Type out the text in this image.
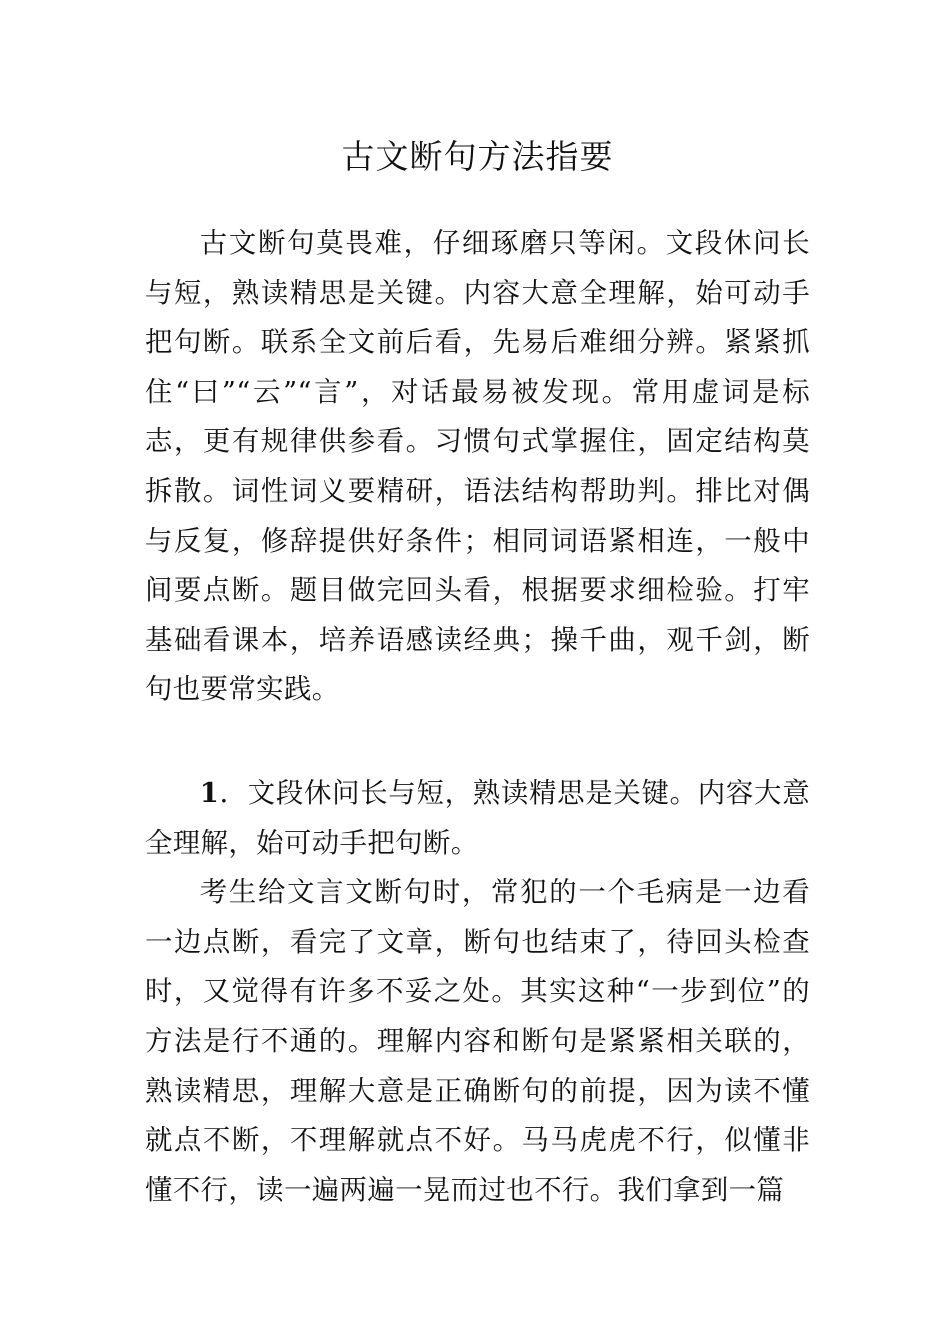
古文断句方法指要

古文断句莫畏难，仔细琢磨只等闲。文段休问长与短，熟读精思是关键。内容大意全理解，始可动手把句断。联系全文前后看，先易后难细分辨。紧紧抓住“曰”“云”“言”，对话最易被发现。常用虚词是标志，更有规律供参看。习惯句式掌握住，固定结构莫拆散。词性词义要精研，语法结构帮助判。排比对偶与反复，修辞提供好条件；相同词语紧相连，一般中间要点断。题目做完回头看，根据要求细检验。打牢基础看课本，培养语感读经典；操千曲，观千剑，断句也要常实践。

1．文段休问长与短，熟读精思是关键。内容大意全理解，始可动手把句断。

考生给文言文断句时，常犯的一个毛病是一边看一边点断，看完了文章，断句也结束了，待回头检查时，又觉得有许多不妥之处。其实这种“一步到位”的方法是行不通的。理解内容和断句是紧紧相关联的，熟读精思，理解大意是正确断句的前提，因为读不懂就点不断，不理解就点不好。马马虎虎不行，似懂非懂不行，读一遍两遍一晃而过也不行。我们拿到一篇
